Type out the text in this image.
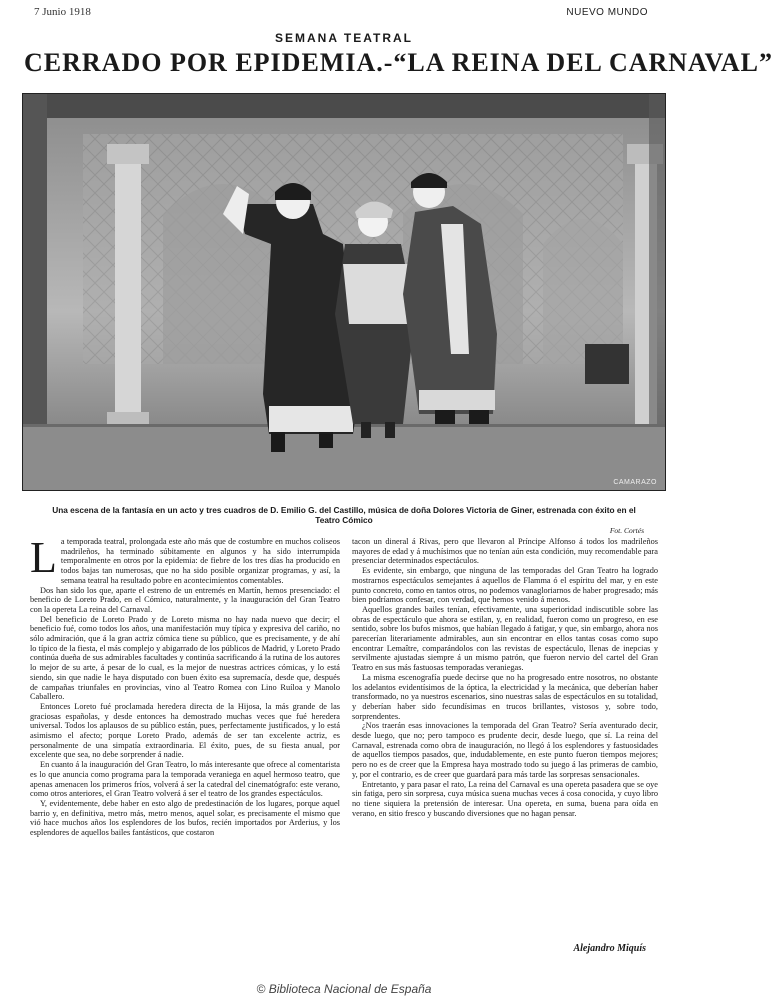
7 Junio 1918	NUEVO MUNDO
SEMANA TEATRAL
CERRADO POR EPIDEMIA.-“LA REINA DEL CARNAVAL”
CAMARAZO
Una escena de la fantasía en un acto y tres cuadros de D. Emilio G. del Castillo, música de doña Dolores Victoria de Giner, estrenada con éxito en el Teatro Cómico
Fot. Cortés

La temporada teatral, prolongada este año más que de costumbre en muchos coliseos madrileños, ha terminado súbitamente en algunos y ha sido interrumpida temporalmente en otros por la epidemia: de fiebre de los tres días ha producido en todos bajas tan numerosas, que no ha sido posible organizar programas, y así, la semana teatral ha resultado pobre en acontecimientos comentables.

Dos han sido los que, aparte el estreno de un entremés en Martín, hemos presenciado: el beneficio de Loreto Prado, en el Cómico, naturalmente, y la inauguración del Gran Teatro con la opereta La reina del Carnaval.

Del beneficio de Loreto Prado y de Loreto misma no hay nada nuevo que decir; el beneficio fué, como todos los años, una manifestación muy típica y expresiva del cariño, no sólo admiración, que á la gran actriz cómica tiene su público, que es precisamente, y de ahí lo típico de la fiesta, el más complejo y abigarrado de los públicos de Madrid, y Loreto Prado continúa dueña de sus admirables facultades y continúa sacrificando á la rutina de los autores lo mejor de su arte, á pesar de lo cual, es la mejor de nuestras actrices cómicas, y lo está siendo, sin que nadie le haya disputado con buen éxito esa supremacía, desde que, después de campañas triunfales en provincias, vino al Teatro Romea con Lino Ruíloa y Manolo Caballero.

Entonces Loreto fué proclamada heredera directa de la Hijosa, la más grande de las graciosas españolas, y desde entonces ha demostrado muchas veces que fué heredera universal. Todos los aplausos de su público están, pues, perfectamente justificados, y lo está asimismo el afecto; porque Loreto Prado, además de ser tan excelente actriz, es personalmente de una simpatía extraordinaria. El éxito, pues, de su fiesta anual, por excelente que sea, no debe sorprender á nadie.

En cuanto á la inauguración del Gran Teatro, lo más interesante que ofrece al comentarista es lo que anuncia como programa para la temporada veraniega en aquel hermoso teatro, que apenas amenacen los primeros fríos, volverá á ser la catedral del cinematógrafo: este verano, como otros anteriores, el Gran Teatro volverá á ser el teatro de los grandes espectáculos.

Y, evidentemente, debe haber en esto algo de predestinación de los lugares, porque aquel barrio y, en definitiva, metro más, metro menos, aquel solar, es precisamente el mismo que vió hace muchos años los esplendores de los bufos, recién importados por Arderius, y los esplendores de aquellos bailes fantásticos, que costaron

tacon un dineral á Rivas, pero que llevaron al Príncipe Alfonso á todos los madrileños mayores de edad y á muchísimos que no tenían aún esta condición, muy recomendable para presenciar determinados espectáculos.

Es evidente, sin embargo, que ninguna de las temporadas del Gran Teatro ha logrado mostrarnos espectáculos semejantes á aquellos de Flamma ó el espíritu del mar, y en este punto concreto, como en tantos otros, no podemos vanagloriarnos de haber progresado; más bien podríamos confesar, con verdad, que hemos venido á menos.

Aquellos grandes bailes tenían, efectivamente, una superioridad indiscutible sobre las obras de espectáculo que ahora se estilan, y, en realidad, fueron como un progreso, en ese sentido, sobre los bufos mismos, que habían llegado á fatigar, y que, sin embargo, ahora nos parecerían literariamente admirables, aun sin encontrar en ellos tantas cosas como supo encontrar Lemaître, comparándolos con las revistas de espectáculo, llenas de inepcias y servilmente ajustadas siempre á un mismo patrón, que fueron nervio del cartel del Gran Teatro en sus más fastuosas temporadas veraniegas.

La misma escenografía puede decirse que no ha progresado entre nosotros, no obstante los adelantos evidentísimos de la óptica, la electricidad y la mecánica, que deberían haber transformado, no ya nuestros escenarios, sino nuestras salas de espectáculos en su totalidad, y deberían haber sido fecundísimas en trucos brillantes, vistosos y, sobre todo, sorprendentes.

¿Nos traerán esas innovaciones la temporada del Gran Teatro? Sería aventurado decir, desde luego, que no; pero tampoco es prudente decir, desde luego, que sí. La reina del Carnaval, estrenada como obra de inauguración, no llegó á los esplendores y fastuosidades de aquellos tiempos pasados, que, indudablemente, en este punto fueron tiempos mejores; pero no es de creer que la Empresa haya mostrado todo su juego á las primeras de cambio, y, por el contrario, es de creer que guardará para más tarde las sorpresas sensacionales.

Entretanto, y para pasar el rato, La reina del Carnaval es una opereta pasadera que se oye sin fatiga, pero sin sorpresa, cuya música suena muchas veces á cosa conocida, y cuyo libro no tiene siquiera la pretensión de interesar. Una opereta, en suma, buena para oída en verano, en sitio fresco y buscando diversiones que no hagan pensar.

Alejandro Miquís
© Biblioteca Nacional de España
